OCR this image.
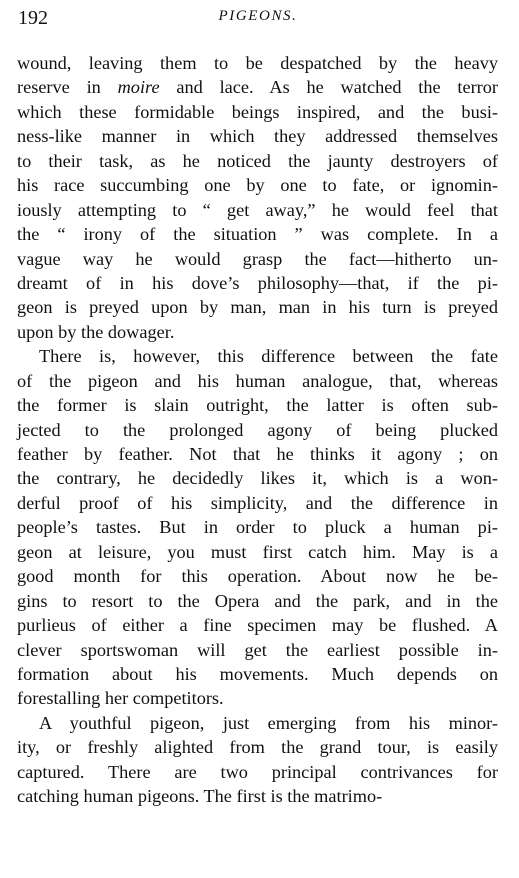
192	PIGEONS.
wound, leaving them to be despatched by the heavy
reserve in moire and lace. As he watched the terror
which these formidable beings inspired, and the busi-
ness-like manner in which they addressed themselves
to their task, as he noticed the jaunty destroyers of
his race succumbing one by one to fate, or ignomin-
iously attempting to “ get away,” he would feel that
the “ irony of the situation ” was complete. In a
vague way he would grasp the fact—hitherto un-
dreamt of in his dove’s philosophy—that, if the pi-
geon is preyed upon by man, man in his turn is preyed
upon by the dowager.
There is, however, this difference between the fate
of the pigeon and his human analogue, that, whereas
the former is slain outright, the latter is often sub-
jected to the prolonged agony of being plucked
feather by feather. Not that he thinks it agony ; on
the contrary, he decidedly likes it, which is a won-
derful proof of his simplicity, and the difference in
people’s tastes. But in order to pluck a human pi-
geon at leisure, you must first catch him. May is a
good month for this operation. About now he be-
gins to resort to the Opera and the park, and in the
purlieus of either a fine specimen may be flushed. A
clever sportswoman will get the earliest possible in-
formation about his movements. Much depends on
forestalling her competitors.
A youthful pigeon, just emerging from his minor-
ity, or freshly alighted from the grand tour, is easily
captured. There are two principal contrivances for
catching human pigeons. The first is the matrimo-
